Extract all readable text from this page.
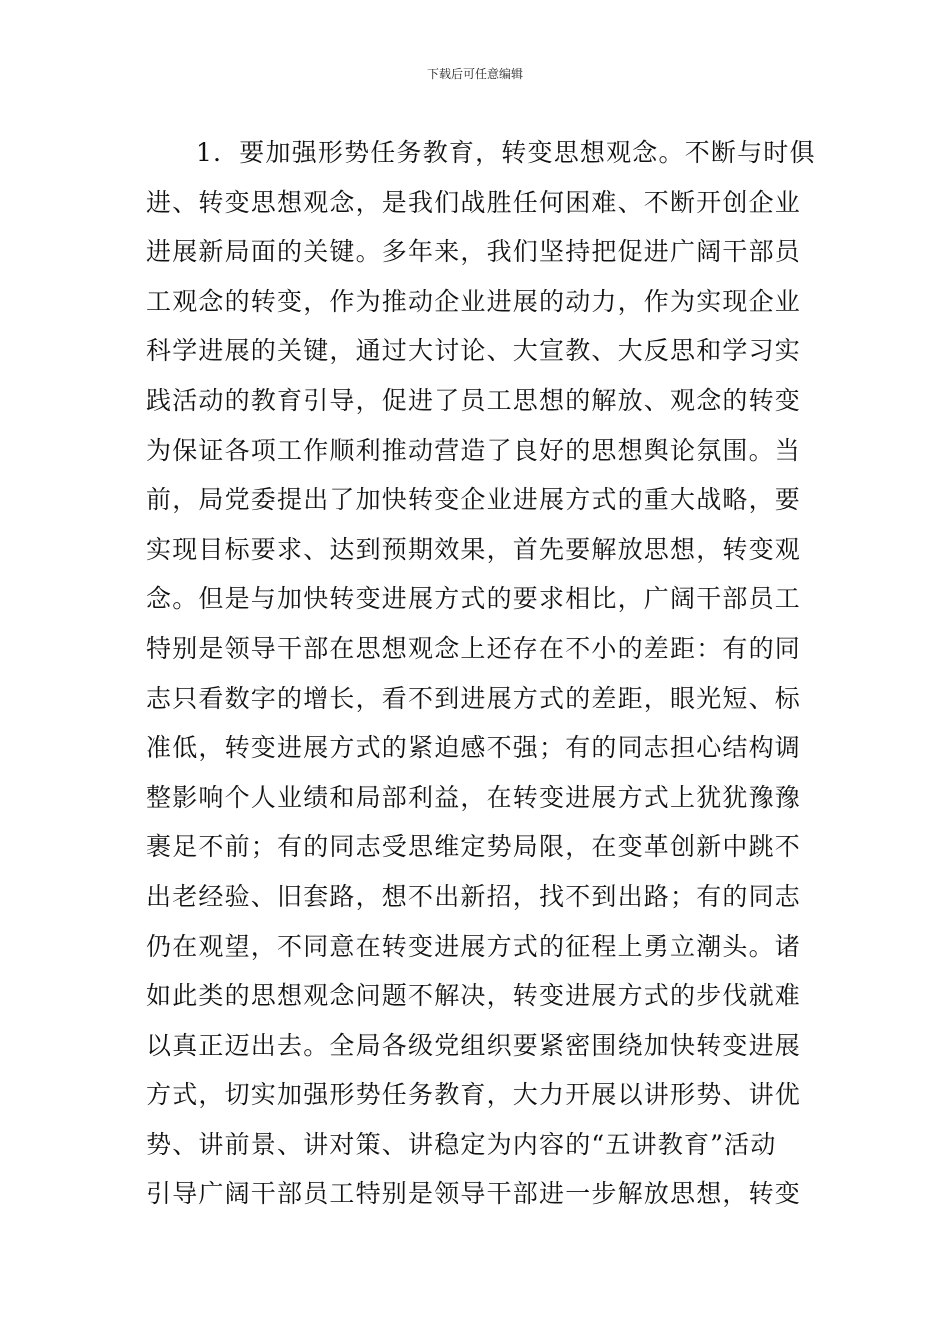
下载后可任意编辑
1．要加强形势任务教育，转变思想观念。不断与时俱
进、转变思想观念，是我们战胜任何困难、不断开创企业
进展新局面的关键。多年来，我们坚持把促进广阔干部员
工观念的转变，作为推动企业进展的动力，作为实现企业
科学进展的关键，通过大讨论、大宣教、大反思和学习实
践活动的教育引导，促进了员工思想的解放、观念的转变
为保证各项工作顺利推动营造了良好的思想舆论氛围。当
前，局党委提出了加快转变企业进展方式的重大战略，要
实现目标要求、达到预期效果，首先要解放思想，转变观
念。但是与加快转变进展方式的要求相比，广阔干部员工
特别是领导干部在思想观念上还存在不小的差距：有的同
志只看数字的增长，看不到进展方式的差距，眼光短、标
准低，转变进展方式的紧迫感不强；有的同志担心结构调
整影响个人业绩和局部利益，在转变进展方式上犹犹豫豫
裹足不前；有的同志受思维定势局限，在变革创新中跳不
出老经验、旧套路，想不出新招，找不到出路；有的同志
仍在观望，不同意在转变进展方式的征程上勇立潮头。诸
如此类的思想观念问题不解决，转变进展方式的步伐就难
以真正迈出去。全局各级党组织要紧密围绕加快转变进展
方式，切实加强形势任务教育，大力开展以讲形势、讲优
势、讲前景、讲对策、讲稳定为内容的“五讲教育”活动
引导广阔干部员工特别是领导干部进一步解放思想，转变
